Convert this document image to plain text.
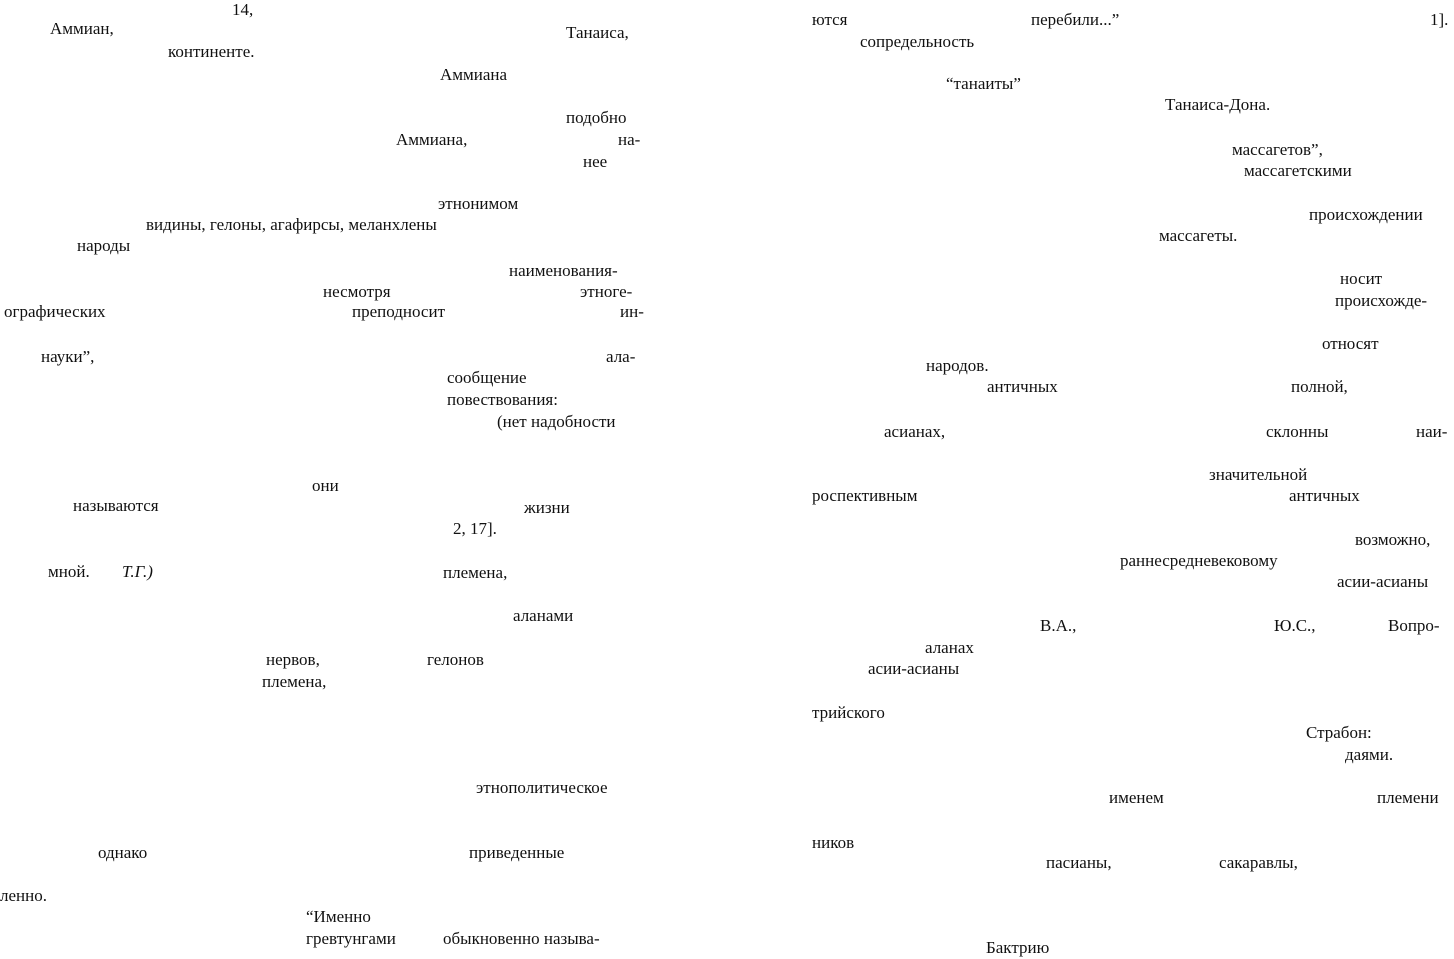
14,
Аммиан,	Танаиса,
континенте.
Аммиана
подобно
Аммиана,	на-
нее
этнонимом
видины, гелоны, агафирсы, меланхлены
народы
наименования-
несмотря	этноге-
ографических	преподносит	ин-
науки”,	ала-
сообщение
повествования:
(нет надобности
они
называются	жизни
2, 17].
мной. Т.Г.)	племена,
аланами
нервов,	гелонов
племена,
этнополитическое
однако	приведенные
ленно.
“Именно
гревтунгами	обыкновенно называ-
ются	перебили...”	1].
сопредельность
“танаиты”
Танаиса-Дона.
массагетов”,
массагетскими
происхождении
массагеты.
носит
происхожде-
относят
народов.
античных	полной,
асианах,	склонны	наи-
значительной
роспективным	античных
возможно,
раннесредневековому
асии-асианы
В.А.,	Ю.С.,	Вопро-
аланах
асии-асианы
трийского
Страбон:
даями.
именем	племени
ников
пасианы,	сакаравлы,
Бактрию
